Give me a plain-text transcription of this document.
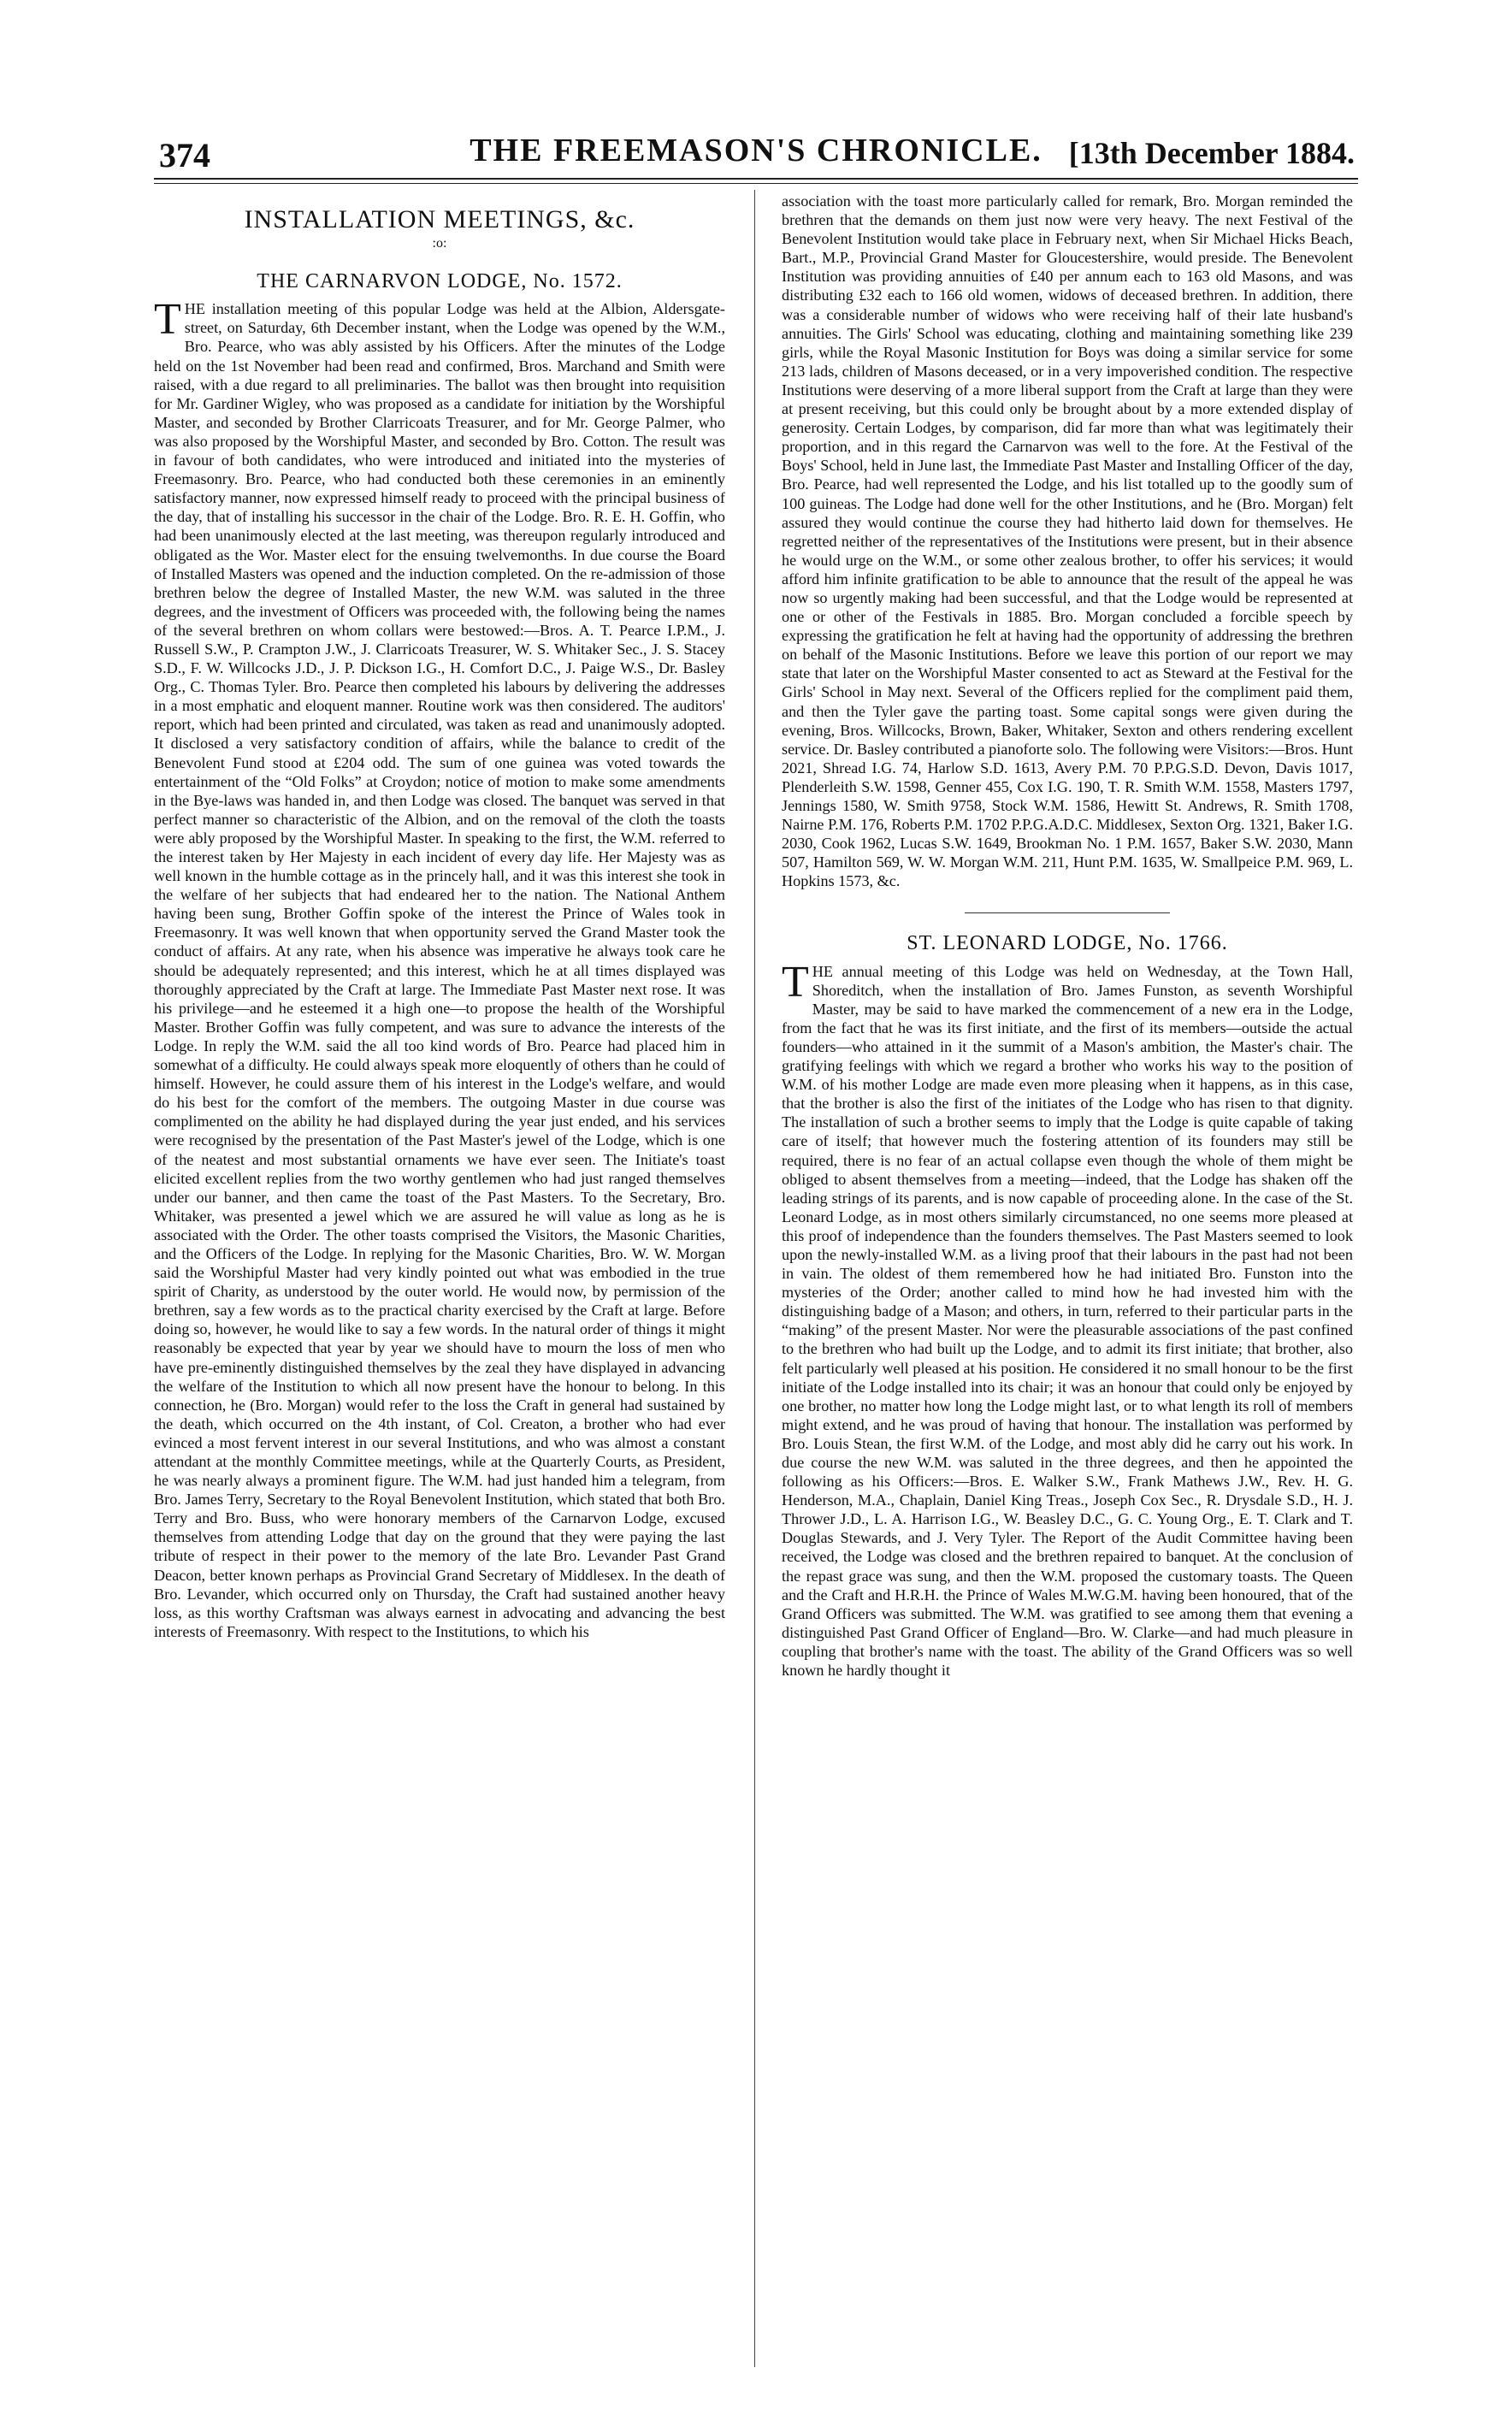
374	THE FREEMASON'S CHRONICLE. [13th December 1884.
INSTALLATION MEETINGS, &c.
:o:
THE CARNARVON LODGE, No. 1572.

THE installation meeting of this popular Lodge was held at the Albion, Aldersgate-street, on Saturday, 6th December instant, when the Lodge was opened by the W.M., Bro. Pearce, who was ably assisted by his Officers. After the minutes of the Lodge held on the 1st November had been read and confirmed, Bros. Marchand and Smith were raised, with a due regard to all preliminaries. The ballot was then brought into requisition for Mr. Gardiner Wigley, who was proposed as a candidate for initiation by the Worshipful Master, and seconded by Brother Clarricoats Treasurer, and for Mr. George Palmer, who was also proposed by the Worshipful Master, and seconded by Bro. Cotton. The result was in favour of both candidates, who were introduced and initiated into the mysteries of Freemasonry. Bro. Pearce, who had conducted both these ceremonies in an eminently satisfactory manner, now expressed himself ready to proceed with the principal business of the day, that of installing his successor in the chair of the Lodge. Bro. R. E. H. Goffin, who had been unanimously elected at the last meeting, was thereupon regularly introduced and obligated as the Wor. Master elect for the ensuing twelvemonths. In due course the Board of Installed Masters was opened and the induction completed. On the re-admission of those brethren below the degree of Installed Master, the new W.M. was saluted in the three degrees, and the investment of Officers was proceeded with, the following being the names of the several brethren on whom collars were bestowed:—Bros. A. T. Pearce I.P.M., J. Russell S.W., P. Crampton J.W., J. Clarricoats Treasurer, W. S. Whitaker Sec., J. S. Stacey S.D., F. W. Willcocks J.D., J. P. Dickson I.G., H. Comfort D.C., J. Paige W.S., Dr. Basley Org., C. Thomas Tyler. Bro. Pearce then completed his labours by delivering the addresses in a most emphatic and eloquent manner. Routine work was then considered. The auditors' report, which had been printed and circulated, was taken as read and unanimously adopted. It disclosed a very satisfactory condition of affairs, while the balance to credit of the Benevolent Fund stood at £204 odd. The sum of one guinea was voted towards the entertainment of the “Old Folks” at Croydon; notice of motion to make some amendments in the Bye-laws was handed in, and then Lodge was closed. The banquet was served in that perfect manner so characteristic of the Albion, and on the removal of the cloth the toasts were ably proposed by the Worshipful Master. In speaking to the first, the W.M. referred to the interest taken by Her Majesty in each incident of every day life. Her Majesty was as well known in the humble cottage as in the princely hall, and it was this interest she took in the welfare of her subjects that had endeared her to the nation. The National Anthem having been sung, Brother Goffin spoke of the interest the Prince of Wales took in Freemasonry. It was well known that when opportunity served the Grand Master took the conduct of affairs. At any rate, when his absence was imperative he always took care he should be adequately represented; and this interest, which he at all times displayed was thoroughly appreciated by the Craft at large. The Immediate Past Master next rose. It was his privilege—and he esteemed it a high one—to propose the health of the Worshipful Master. Brother Goffin was fully competent, and was sure to advance the interests of the Lodge. In reply the W.M. said the all too kind words of Bro. Pearce had placed him in somewhat of a difficulty. He could always speak more eloquently of others than he could of himself. However, he could assure them of his interest in the Lodge's welfare, and would do his best for the comfort of the members. The outgoing Master in due course was complimented on the ability he had displayed during the year just ended, and his services were recognised by the presentation of the Past Master's jewel of the Lodge, which is one of the neatest and most substantial ornaments we have ever seen. The Initiate's toast elicited excellent replies from the two worthy gentlemen who had just ranged themselves under our banner, and then came the toast of the Past Masters. To the Secretary, Bro. Whitaker, was presented a jewel which we are assured he will value as long as he is associated with the Order. The other toasts comprised the Visitors, the Masonic Charities, and the Officers of the Lodge. In replying for the Masonic Charities, Bro. W. W. Morgan said the Worshipful Master had very kindly pointed out what was embodied in the true spirit of Charity, as understood by the outer world. He would now, by permission of the brethren, say a few words as to the practical charity exercised by the Craft at large. Before doing so, however, he would like to say a few words. In the natural order of things it might reasonably be expected that year by year we should have to mourn the loss of men who have pre-eminently distinguished themselves by the zeal they have displayed in advancing the welfare of the Institution to which all now present have the honour to belong. In this connection, he (Bro. Morgan) would refer to the loss the Craft in general had sustained by the death, which occurred on the 4th instant, of Col. Creaton, a brother who had ever evinced a most fervent interest in our several Institutions, and who was almost a constant attendant at the monthly Committee meetings, while at the Quarterly Courts, as President, he was nearly always a prominent figure. The W.M. had just handed him a telegram, from Bro. James Terry, Secretary to the Royal Benevolent Institution, which stated that both Bro. Terry and Bro. Buss, who were honorary members of the Carnarvon Lodge, excused themselves from attending Lodge that day on the ground that they were paying the last tribute of respect in their power to the memory of the late Bro. Levander Past Grand Deacon, better known perhaps as Provincial Grand Secretary of Middlesex. In the death of Bro. Levander, which occurred only on Thursday, the Craft had sustained another heavy loss, as this worthy Craftsman was always earnest in advocating and advancing the best interests of Freemasonry. With respect to the Institutions, to which his

association with the toast more particularly called for remark, Bro. Morgan reminded the brethren that the demands on them just now were very heavy. The next Festival of the Benevolent Institution would take place in February next, when Sir Michael Hicks Beach, Bart., M.P., Provincial Grand Master for Gloucestershire, would preside. The Benevolent Institution was providing annuities of £40 per annum each to 163 old Masons, and was distributing £32 each to 166 old women, widows of deceased brethren. In addition, there was a considerable number of widows who were receiving half of their late husband's annuities. The Girls' School was educating, clothing and maintaining something like 239 girls, while the Royal Masonic Institution for Boys was doing a similar service for some 213 lads, children of Masons deceased, or in a very impoverished condition. The respective Institutions were deserving of a more liberal support from the Craft at large than they were at present receiving, but this could only be brought about by a more extended display of generosity. Certain Lodges, by comparison, did far more than what was legitimately their proportion, and in this regard the Carnarvon was well to the fore. At the Festival of the Boys' School, held in June last, the Immediate Past Master and Installing Officer of the day, Bro. Pearce, had well represented the Lodge, and his list totalled up to the goodly sum of 100 guineas. The Lodge had done well for the other Institutions, and he (Bro. Morgan) felt assured they would continue the course they had hitherto laid down for themselves. He regretted neither of the representatives of the Institutions were present, but in their absence he would urge on the W.M., or some other zealous brother, to offer his services; it would afford him infinite gratification to be able to announce that the result of the appeal he was now so urgently making had been successful, and that the Lodge would be represented at one or other of the Festivals in 1885. Bro. Morgan concluded a forcible speech by expressing the gratification he felt at having had the opportunity of addressing the brethren on behalf of the Masonic Institutions. Before we leave this portion of our report we may state that later on the Worshipful Master consented to act as Steward at the Festival for the Girls' School in May next. Several of the Officers replied for the compliment paid them, and then the Tyler gave the parting toast. Some capital songs were given during the evening, Bros. Willcocks, Brown, Baker, Whitaker, Sexton and others rendering excellent service. Dr. Basley contributed a pianoforte solo. The following were Visitors:—Bros. Hunt 2021, Shread I.G. 74, Harlow S.D. 1613, Avery P.M. 70 P.P.G.S.D. Devon, Davis 1017, Plenderleith S.W. 1598, Genner 455, Cox I.G. 190, T. R. Smith W.M. 1558, Masters 1797, Jennings 1580, W. Smith 9758, Stock W.M. 1586, Hewitt St. Andrews, R. Smith 1708, Nairne P.M. 176, Roberts P.M. 1702 P.P.G.A.D.C. Middlesex, Sexton Org. 1321, Baker I.G. 2030, Cook 1962, Lucas S.W. 1649, Brookman No. 1 P.M. 1657, Baker S.W. 2030, Mann 507, Hamilton 569, W. W. Morgan W.M. 211, Hunt P.M. 1635, W. Smallpeice P.M. 969, L. Hopkins 1573, &c.

ST. LEONARD LODGE, No. 1766.

THE annual meeting of this Lodge was held on Wednesday, at the Town Hall, Shoreditch, when the installation of Bro. James Funston, as seventh Worshipful Master, may be said to have marked the commencement of a new era in the Lodge, from the fact that he was its first initiate, and the first of its members—outside the actual founders—who attained in it the summit of a Mason's ambition, the Master's chair. The gratifying feelings with which we regard a brother who works his way to the position of W.M. of his mother Lodge are made even more pleasing when it happens, as in this case, that the brother is also the first of the initiates of the Lodge who has risen to that dignity. The installation of such a brother seems to imply that the Lodge is quite capable of taking care of itself; that however much the fostering attention of its founders may still be required, there is no fear of an actual collapse even though the whole of them might be obliged to absent themselves from a meeting—indeed, that the Lodge has shaken off the leading strings of its parents, and is now capable of proceeding alone. In the case of the St. Leonard Lodge, as in most others similarly circumstanced, no one seems more pleased at this proof of independence than the founders themselves. The Past Masters seemed to look upon the newly-installed W.M. as a living proof that their labours in the past had not been in vain. The oldest of them remembered how he had initiated Bro. Funston into the mysteries of the Order; another called to mind how he had invested him with the distinguishing badge of a Mason; and others, in turn, referred to their particular parts in the “making” of the present Master. Nor were the pleasurable associations of the past confined to the brethren who had built up the Lodge, and to admit its first initiate; that brother, also felt particularly well pleased at his position. He considered it no small honour to be the first initiate of the Lodge installed into its chair; it was an honour that could only be enjoyed by one brother, no matter how long the Lodge might last, or to what length its roll of members might extend, and he was proud of having that honour. The installation was performed by Bro. Louis Stean, the first W.M. of the Lodge, and most ably did he carry out his work. In due course the new W.M. was saluted in the three degrees, and then he appointed the following as his Officers:—Bros. E. Walker S.W., Frank Mathews J.W., Rev. H. G. Henderson, M.A., Chaplain, Daniel King Treas., Joseph Cox Sec., R. Drysdale S.D., H. J. Thrower J.D., L. A. Harrison I.G., W. Beasley D.C., G. C. Young Org., E. T. Clark and T. Douglas Stewards, and J. Very Tyler. The Report of the Audit Committee having been received, the Lodge was closed and the brethren repaired to banquet. At the conclusion of the repast grace was sung, and then the W.M. proposed the customary toasts. The Queen and the Craft and H.R.H. the Prince of Wales M.W.G.M. having been honoured, that of the Grand Officers was submitted. The W.M. was gratified to see among them that evening a distinguished Past Grand Officer of England—Bro. W. Clarke—and had much pleasure in coupling that brother's name with the toast. The ability of the Grand Officers was so well known he hardly thought it
